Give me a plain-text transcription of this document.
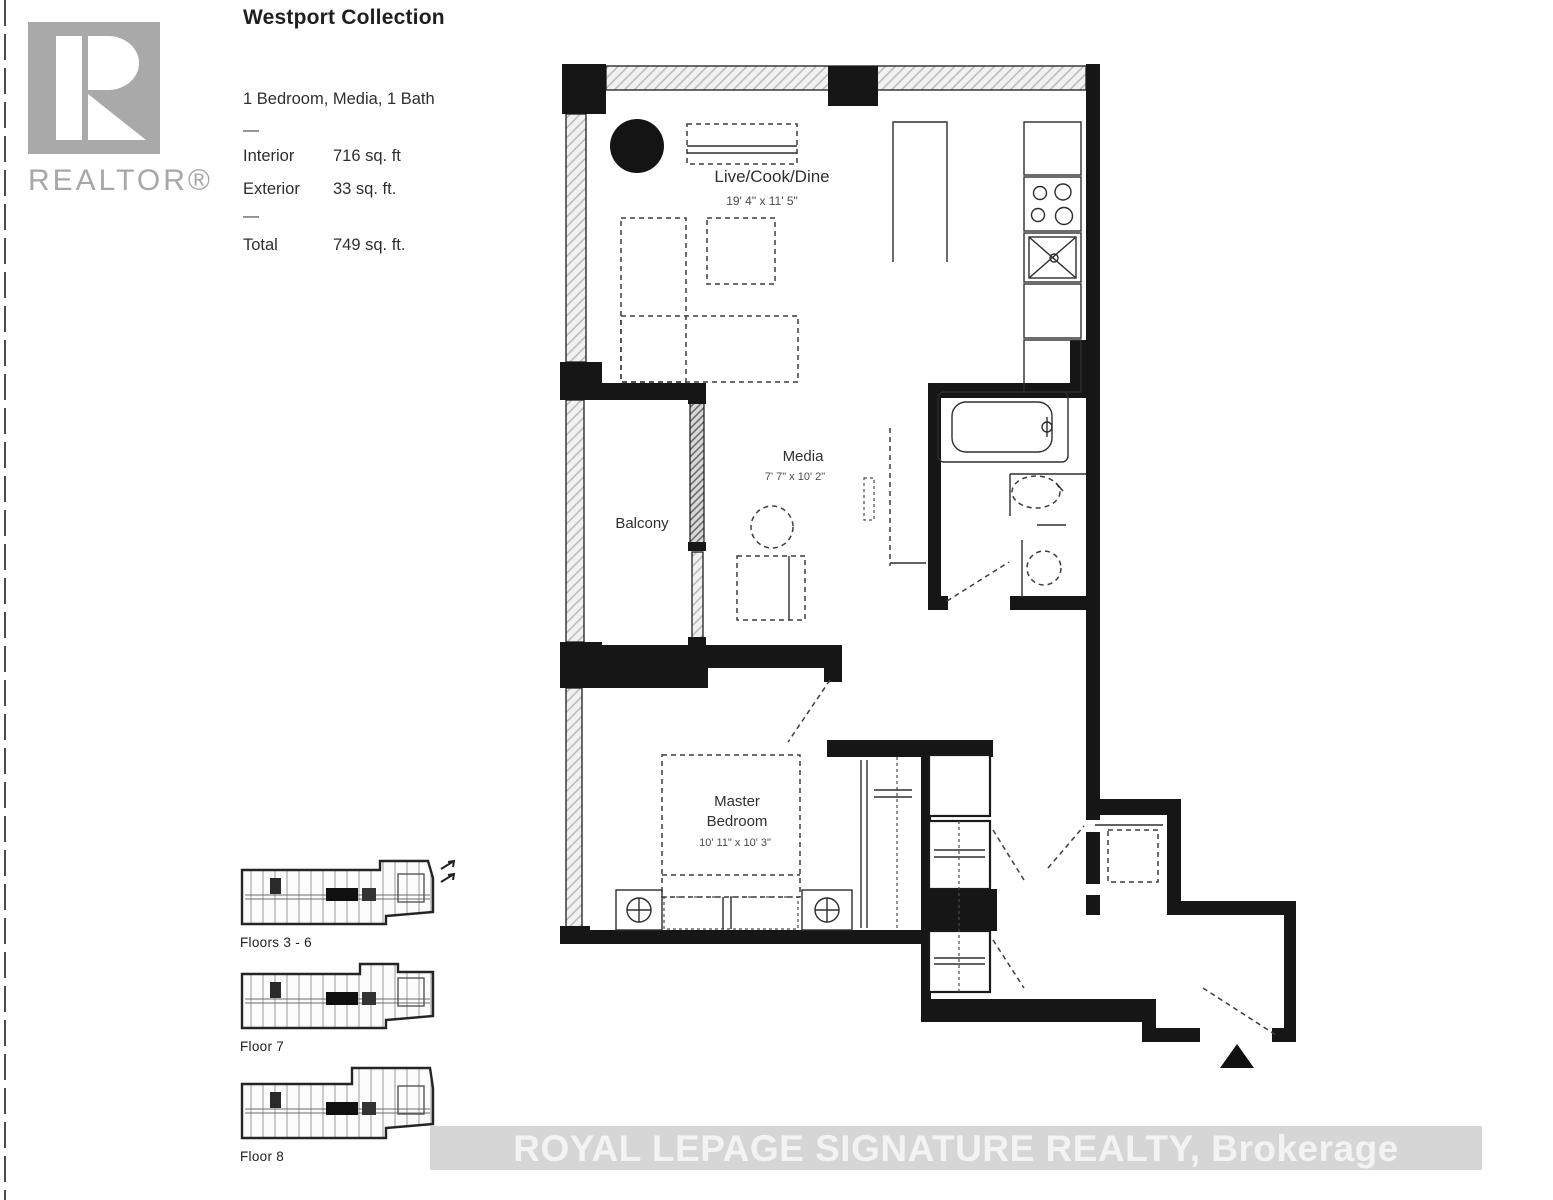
REALTOR®
Westport Collection
1 Bedroom, Media, 1 Bath
—
Interior	716 sq. ft
Exterior	33 sq. ft.
—
Total	749 sq. ft.
Live/Cook/Dine
19' 4" x 11' 5"
Media
7' 7" x 10' 2"
Balcony
Master
Bedroom
10' 11" x 10' 3"
Floors 3 - 6
Floor 7
Floor 8	ROYAL LEPAGE SIGNATURE REALTY, Brokerage
